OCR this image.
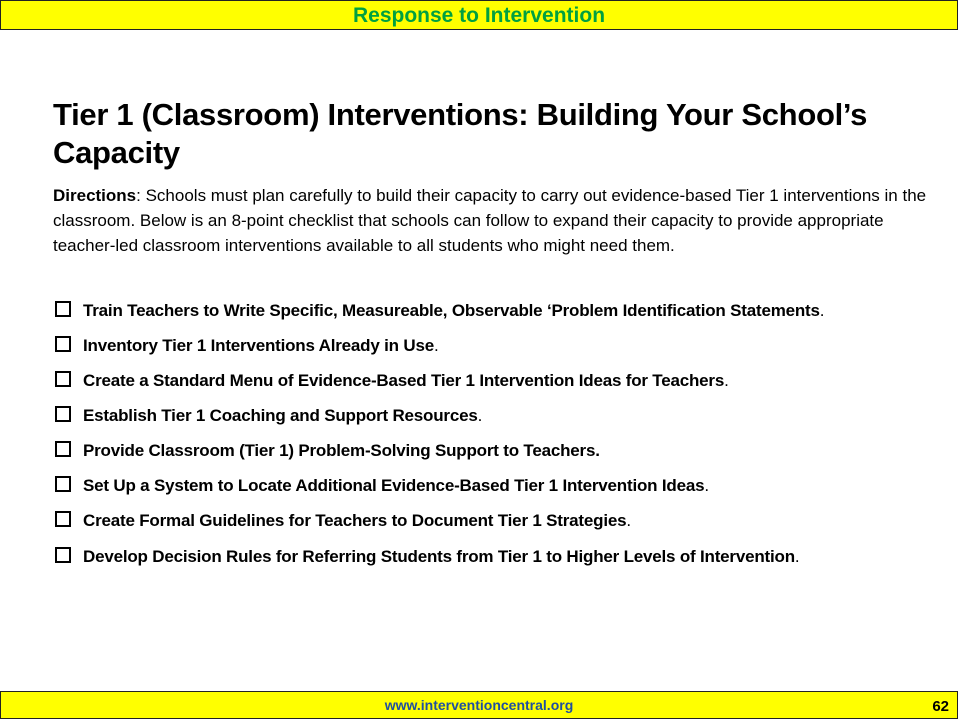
Response to Intervention
Tier 1 (Classroom) Interventions: Building Your School’s Capacity

Directions: Schools must plan carefully to build their capacity to carry out evidence-based Tier 1 interventions in the classroom. Below is an 8-point checklist that schools can follow to expand their capacity to provide appropriate teacher-led classroom interventions available to all students who might need them.

Train Teachers to Write Specific, Measureable, Observable ‘Problem Identification Statements.
Inventory Tier 1 Interventions Already in Use.
Create a Standard Menu of Evidence-Based Tier 1 Intervention Ideas for Teachers.
Establish Tier 1 Coaching and Support Resources.
Provide Classroom (Tier 1) Problem-Solving Support to Teachers.
Set Up a System to Locate Additional Evidence-Based Tier 1 Intervention Ideas.
Create Formal Guidelines for Teachers to Document Tier 1 Strategies.
Develop Decision Rules for Referring Students from Tier 1 to Higher Levels of Intervention.
www.interventioncentral.org	62
